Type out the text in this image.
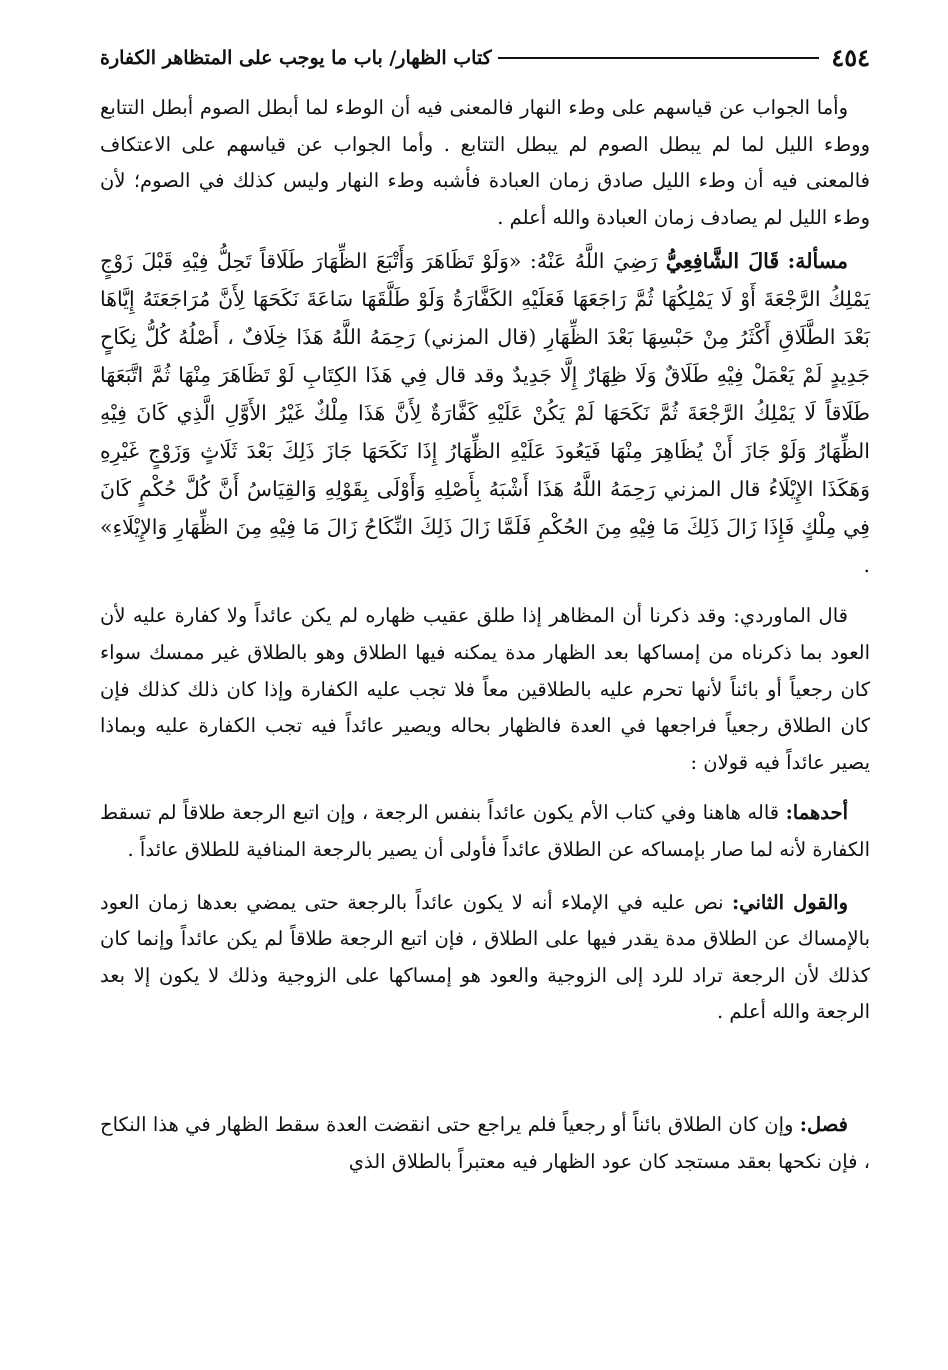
٤٥٤
كتاب الظهار/ باب ما يوجب على المتظاهر الكفارة

وأما الجواب عن قياسهم على وطء النهار فالمعنى فيه أن الوطء لما أبطل الصوم أبطل التتابع ووطء الليل لما لم يبطل الصوم لم يبطل التتابع . وأما الجواب عن قياسهم على الاعتكاف فالمعنى فيه أن وطء الليل صادق زمان العبادة فأشبه وطء النهار وليس كذلك في الصوم؛ لأن وطء الليل لم يصادف زمان العبادة والله أعلم .

مسألة: قَالَ الشَّافِعِيُّ رَضِيَ اللَّهُ عَنْهُ: «وَلَوْ تَظَاهَرَ وَأَتْبَعَ الظِّهَارَ طَلَاقاً تَحِلُّ فِيْهِ قَبْلَ زَوْجٍ يَمْلِكُ الرَّجْعَةَ أَوْ لَا يَمْلِكُهَا ثُمَّ رَاجَعَهَا فَعَلَيْهِ الكَفَّارَةُ وَلَوْ طَلَّقَهَا سَاعَةَ نَكَحَهَا لِأَنَّ مُرَاجَعَتَهُ إِيَّاهَا بَعْدَ الطَّلَاقِ أَكْثَرُ مِنْ حَبْسِهَا بَعْدَ الظِّهَارِ (قال المزني) رَحِمَهُ اللَّهُ هَذَا خِلَافٌ ، أَصْلُهُ كُلُّ نِكَاحٍ جَدِيدٍ لَمْ يَعْمَلْ فِيْهِ طَلَاقٌ وَلَا ظِهَارٌ إِلَّا جَدِيدٌ وقد قال فِي هَذَا الكِتَابِ لَوْ تَظَاهَرَ مِنْهَا ثُمَّ اتَّبَعَهَا طَلَاقاً لَا يَمْلِكُ الرَّجْعَةَ ثُمَّ نَكَحَهَا لَمْ يَكُنْ عَلَيْهِ كَفَّارَةٌ لِأَنَّ هَذَا مِلْكٌ غَيْرُ الأَوَّلِ الَّذِي كَانَ فِيْهِ الظِّهَارُ وَلَوْ جَازَ أَنْ يُظَاهِرَ مِنْهَا فَيَعُودَ عَلَيْهِ الظِّهَارُ إِذَا نَكَحَهَا جَازَ ذَلِكَ بَعْدَ ثَلَاثٍ وَزَوْجٍ غَيْرِهِ وَهَكَذَا الإِيْلَاءُ قال المزني رَحِمَهُ اللَّهُ هَذَا أَشْبَهُ بِأَصْلِهِ وَأَوْلَى بِقَوْلِهِ وَالقِيَاسُ أَنَّ كُلَّ حُكْمٍ كَانَ فِي مِلْكٍ فَإِذَا زَالَ ذَلِكَ مَا فِيْهِ مِنَ الحُكْمِ فَلَمَّا زَالَ ذَلِكَ النِّكَاحُ زَالَ مَا فِيْهِ مِنَ الظِّهَارِ وَالإِيْلَاءِ» .

قال الماوردي: وقد ذكرنا أن المظاهر إذا طلق عقيب ظهاره لم يكن عائداً ولا كفارة عليه لأن العود بما ذكرناه من إمساكها بعد الظهار مدة يمكنه فيها الطلاق وهو بالطلاق غير ممسك سواء كان رجعياً أو بائناً لأنها تحرم عليه بالطلاقين معاً فلا تجب عليه الكفارة وإذا كان ذلك كذلك فإن كان الطلاق رجعياً فراجعها في العدة فالظهار بحاله ويصير عائداً فيه تجب الكفارة عليه وبماذا يصير عائداً فيه قولان :

أحدهما: قاله هاهنا وفي كتاب الأم يكون عائداً بنفس الرجعة ، وإن اتبع الرجعة طلاقاً لم تسقط الكفارة لأنه لما صار بإمساكه عن الطلاق عائداً فأولى أن يصير بالرجعة المنافية للطلاق عائداً .

والقول الثاني: نص عليه في الإملاء أنه لا يكون عائداً بالرجعة حتى يمضي بعدها زمان العود بالإمساك عن الطلاق مدة يقدر فيها على الطلاق ، فإن اتبع الرجعة طلاقاً لم يكن عائداً وإنما كان كذلك لأن الرجعة تراد للرد إلى الزوجية والعود هو إمساكها على الزوجية وذلك لا يكون إلا بعد الرجعة والله أعلم .

فصل: وإن كان الطلاق بائناً أو رجعياً فلم يراجع حتى انقضت العدة سقط الظهار في هذا النكاح ، فإن نكحها بعقد مستجد كان عود الظهار فيه معتبراً بالطلاق الذي
